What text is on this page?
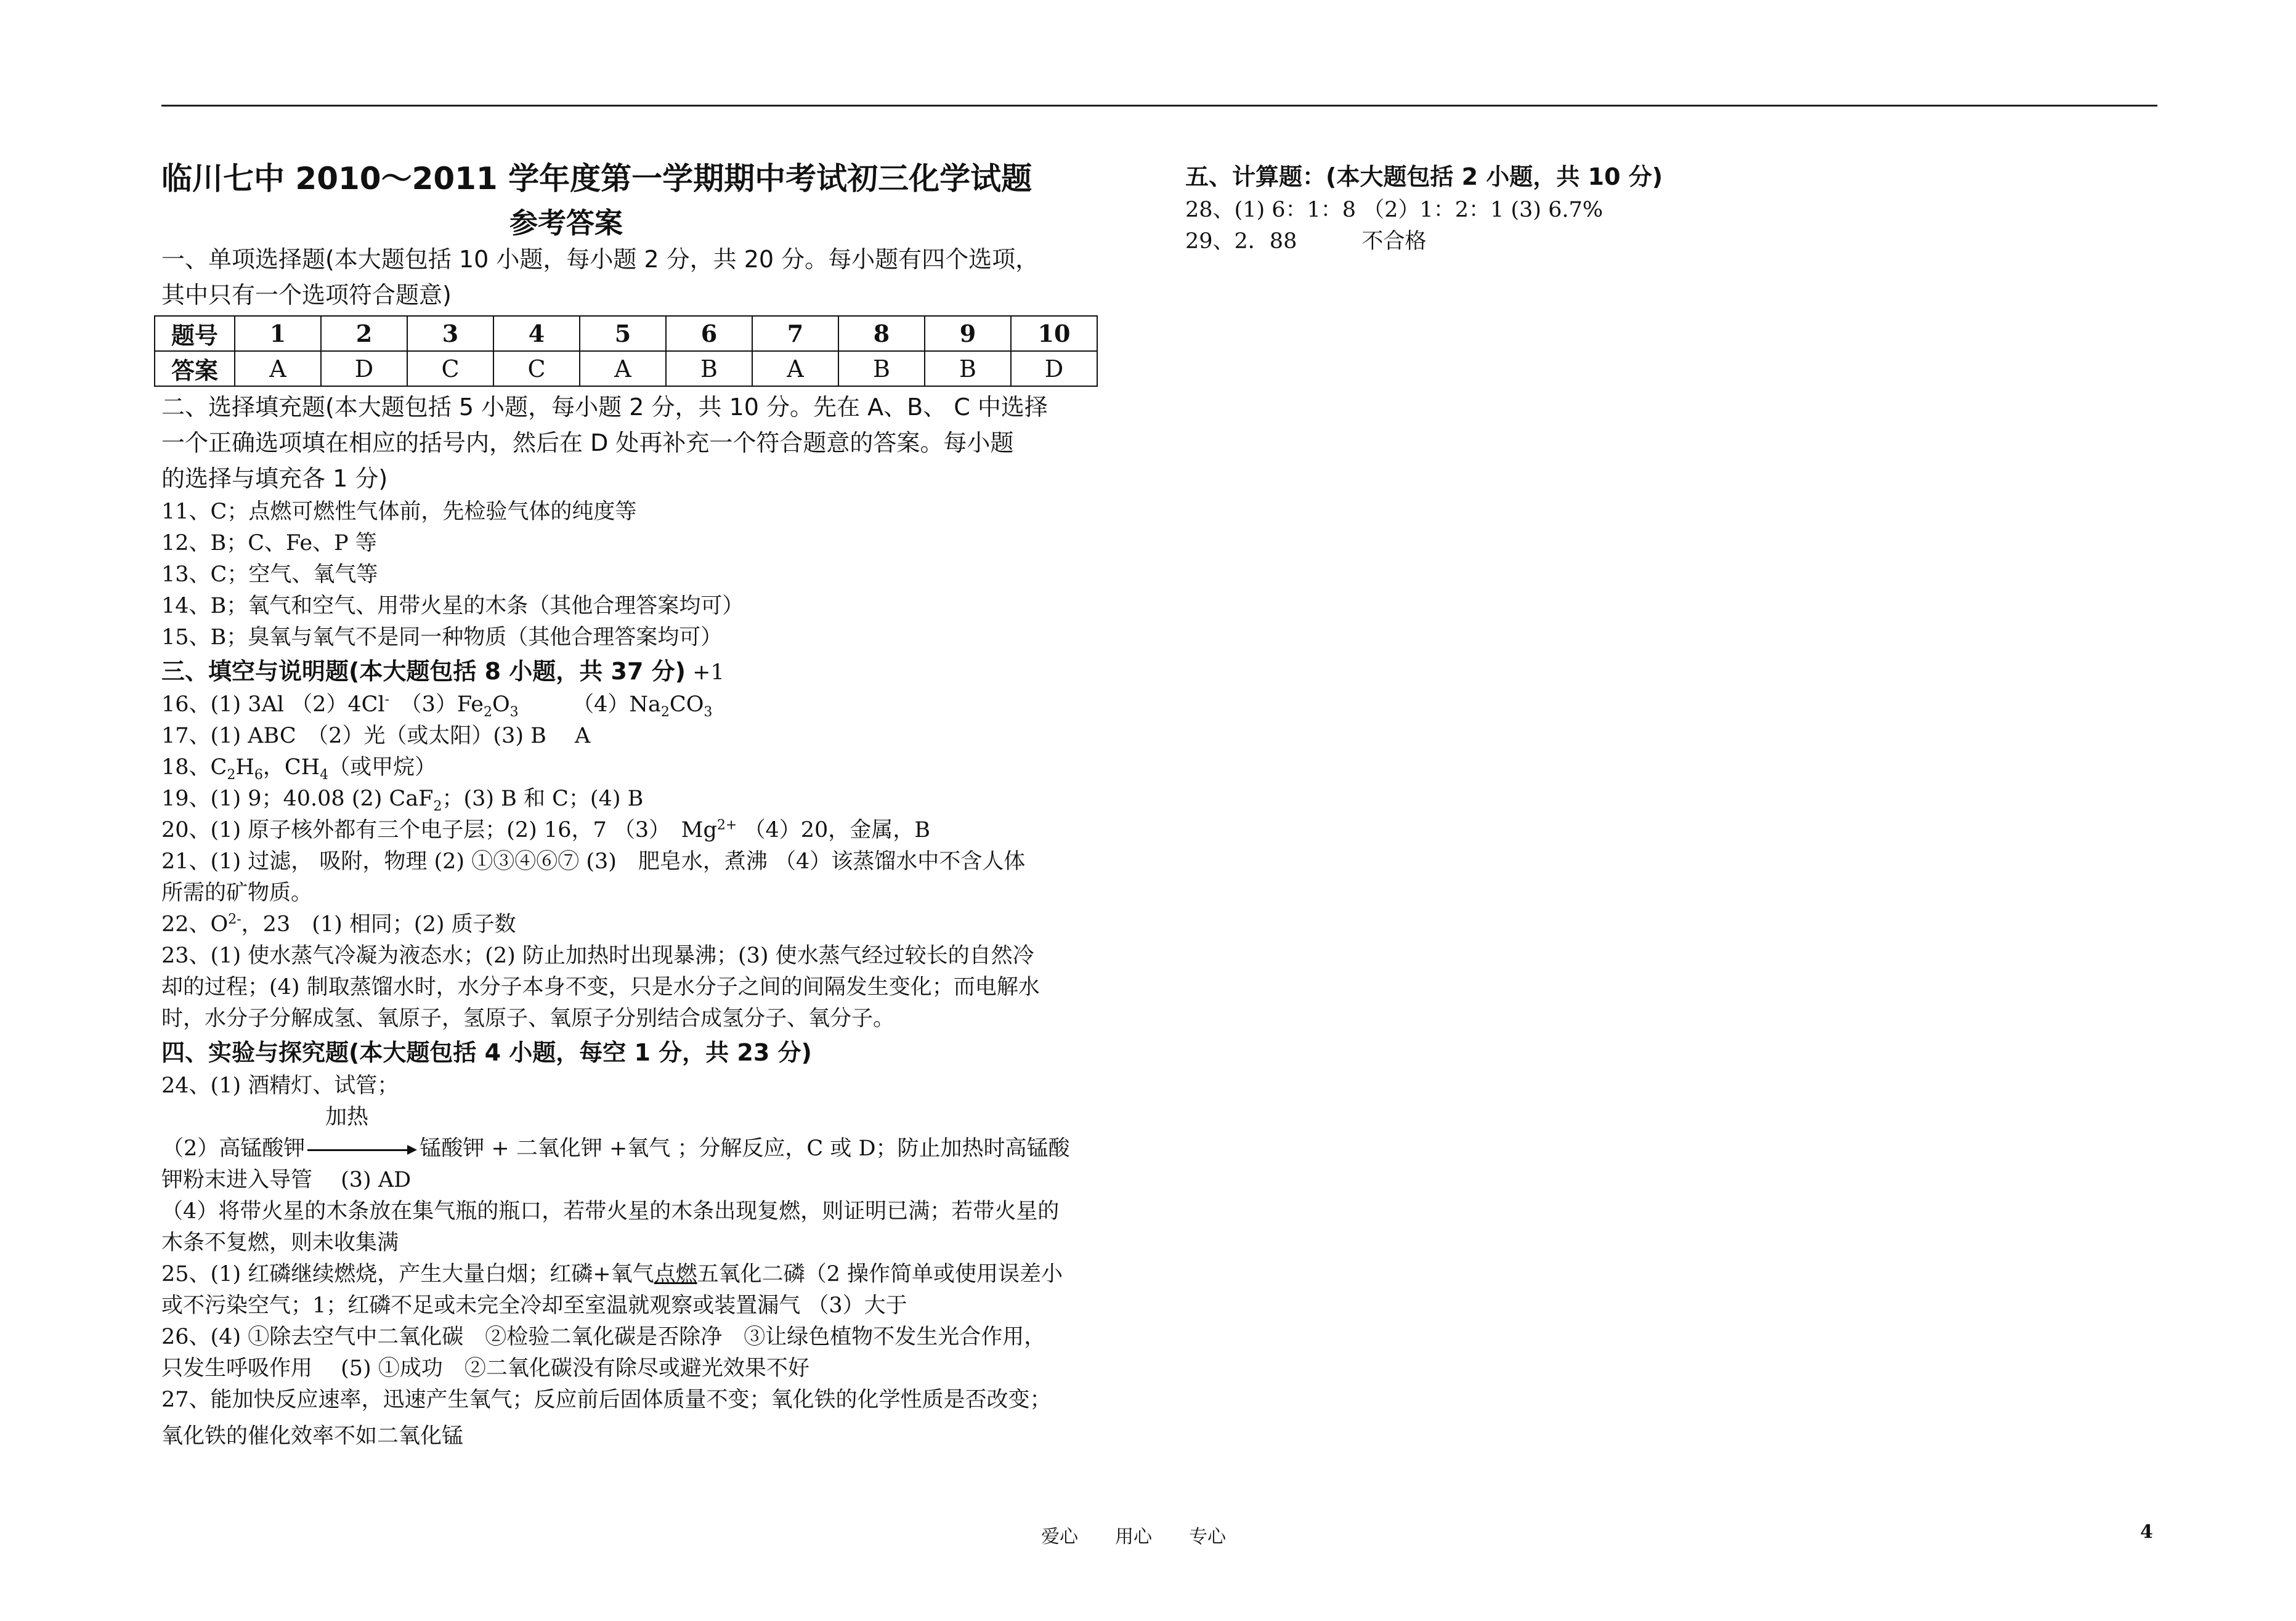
临川七中 2010～2011 学年度第一学期期中考试初三化学试题
参考答案
一、单项选择题(本大题包括 10 小题，每小题 2 分，共 20 分。每小题有四个选项，
其中只有一个选项符合题意)
题号	1	2	3	4	5	6	7	8	9	10
答案	A	D	C	C	A	B	A	B	B	D
二、选择填充题(本大题包括 5 小题，每小题 2 分，共 10 分。先在 A、B、 C 中选择
一个正确选项填在相应的括号内，然后在 D 处再补充一个符合题意的答案。每小题
的选择与填充各 1 分)
11、C；点燃可燃性气体前，先检验气体的纯度等
12、B；C、Fe、P 等
13、C；空气、氧气等
14、B；氧气和空气、用带火星的木条（其他合理答案均可）
15、B；臭氧与氧气不是同一种物质（其他合理答案均可）
三、填空与说明题(本大题包括 8 小题，共 37 分) +1
16、(1) 3Al （2）4Cl-　 $(3)Fe_2O_3$　　　	$(4)Na_2CO_3$
17、(1) ABC　（2）光（或太阳）(3) B　 A
18、$C_2H_6$，$CH_4$（或甲烷）
19、(1) 9；40.08 (2) CaF$_2$；(3) B 和 C；(4) B
20、(1) 原子核外都有三个电子层；(2) 16，7 （3）　$Mg^{2+}$ （4）20，金属，B
21、(1) 过滤， 吸附，物理 (2) ①③④⑥⑦ (3)　肥皂水，煮沸 （4）该蒸馏水中不含人体
所需的矿物质。
22、$O^{2-}$，23　(1) 相同；(2) 质子数
23、(1) 使水蒸气冷凝为液态水；(2) 防止加热时出现暴沸；(3) 使水蒸气经过较长的自然冷
却的过程；(4) 制取蒸馏水时，水分子本身不变，只是水分子之间的间隔发生变化；而电解水
时，水分子分解成氢、氧原子，氢原子、氧原子分别结合成氢分子、氧分子。
四、实验与探究题(本大题包括 4 小题，每空 1 分，共 23 分)
24、(1) 酒精灯、试管；
加热
（2）高锰酸钾	锰酸钾 + 二氧化钾 +氧气 ；分解反应，C 或 D；防止加热时高锰酸
钾粉末进入导管　 (3) AD
（4）将带火星的木条放在集气瓶的瓶口，若带火星的木条出现复燃，则证明已满；若带火星的
木条不复燃，则未收集满
25、(1) 红磷继续燃烧，产生大量白烟；红磷+氧气点燃五氧化二磷（2 操作简单或使用误差小
或不污染空气；1；红磷不足或未完全冷却至室温就观察或装置漏气 （3）大于
26、(4) ①除去空气中二氧化碳　②检验二氧化碳是否除净　③让绿色植物不发生光合作用，
只发生呼吸作用　 (5) ①成功　②二氧化碳没有除尽或避光效果不好
27、能加快反应速率，迅速产生氧气；反应前后固体质量不变；氧化铁的化学性质是否改变；
氧化铁的催化效率不如二氧化锰
五、计算题：(本大题包括 2 小题，共 10 分)
28、(1) 6：1：8 （2）1：2：1 (3) 6.7%
29、2．88　　　不合格
爱心　　用心　　专心	4
